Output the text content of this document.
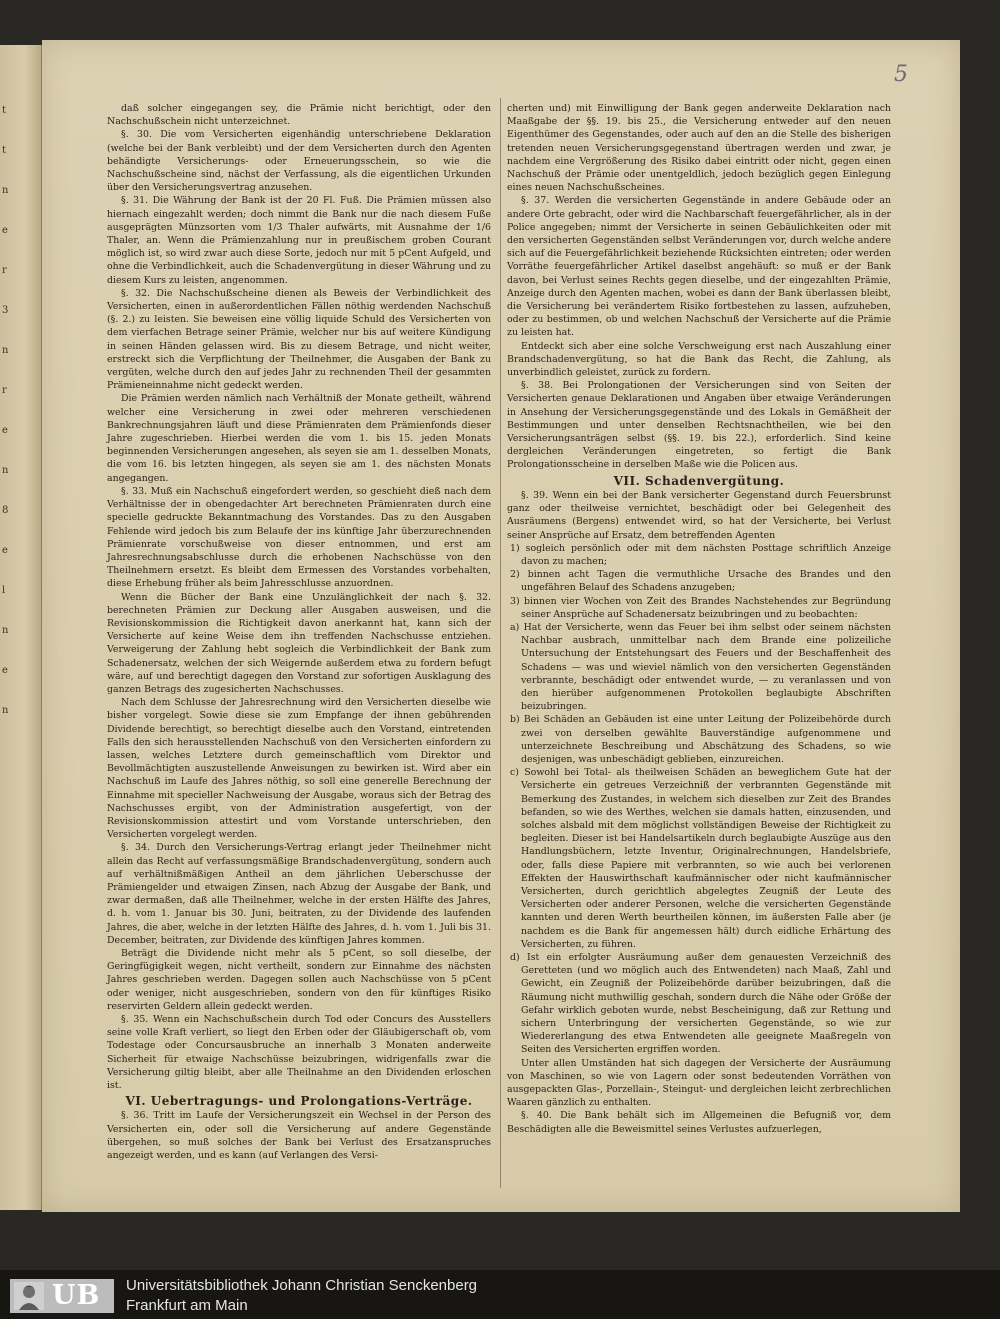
t
t
n
e
r
3
n
r
e
n
8
e
l
n
e
n
5

daß solcher eingegangen sey, die Prämie nicht berichtigt, oder den Nachschußschein nicht unterzeichnet.

§. 30. Die vom Versicherten eigenhändig unterschriebene Deklaration (welche bei der Bank verbleibt) und der dem Versicherten durch den Agenten behändigte Versicherungs- oder Erneuerungsschein, so wie die Nachschußscheine sind, nächst der Verfassung, als die eigentlichen Urkunden über den Versicherungsvertrag anzusehen.

§. 31. Die Währung der Bank ist der 20 Fl. Fuß. Die Prämien müssen also hiernach eingezahlt werden; doch nimmt die Bank nur die nach diesem Fuße ausgeprägten Münzsorten vom 1/3 Thaler aufwärts, mit Ausnahme der 1/6 Thaler, an. Wenn die Prämienzahlung nur in preußischem groben Courant möglich ist, so wird zwar auch diese Sorte, jedoch nur mit 5 pCent Aufgeld, und ohne die Verbindlichkeit, auch die Schadenvergütung in dieser Währung und zu diesem Kurs zu leisten, angenommen.

§. 32. Die Nachschußscheine dienen als Beweis der Verbindlichkeit des Versicherten, einen in außerordentlichen Fällen nöthig werdenden Nachschuß (§. 2.) zu leisten. Sie beweisen eine völlig liquide Schuld des Versicherten von dem vierfachen Betrage seiner Prämie, welcher nur bis auf weitere Kündigung in seinen Händen gelassen wird. Bis zu diesem Betrage, und nicht weiter, erstreckt sich die Verpflichtung der Theilnehmer, die Ausgaben der Bank zu vergüten, welche durch den auf jedes Jahr zu rechnenden Theil der gesammten Prämieneinnahme nicht gedeckt werden.

Die Prämien werden nämlich nach Verhältniß der Monate getheilt, während welcher eine Versicherung in zwei oder mehreren verschiedenen Bankrechnungsjahren läuft und diese Prämienraten dem Prämienfonds dieser Jahre zugeschrieben. Hierbei werden die vom 1. bis 15. jeden Monats beginnenden Versicherungen angesehen, als seyen sie am 1. desselben Monats, die vom 16. bis letzten hingegen, als seyen sie am 1. des nächsten Monats angegangen.

§. 33. Muß ein Nachschuß eingefordert werden, so geschieht dieß nach dem Verhältnisse der in obengedachter Art berechneten Prämienraten durch eine specielle gedruckte Bekanntmachung des Vorstandes. Das zu den Ausgaben Fehlende wird jedoch bis zum Belaufe der ins künftige Jahr überzurechnenden Prämienrate vorschußweise von dieser entnommen, und erst am Jahresrechnungsabschlusse durch die erhobenen Nachschüsse von den Theilnehmern ersetzt. Es bleibt dem Ermessen des Vorstandes vorbehalten, diese Erhebung früher als beim Jahresschlusse anzuordnen.

Wenn die Bücher der Bank eine Unzulänglichkeit der nach §. 32. berechneten Prämien zur Deckung aller Ausgaben ausweisen, und die Revisionskommission die Richtigkeit davon anerkannt hat, kann sich der Versicherte auf keine Weise dem ihn treffenden Nachschusse entziehen. Verweigerung der Zahlung hebt sogleich die Verbindlichkeit der Bank zum Schadenersatz, welchen der sich Weigernde außerdem etwa zu fordern befugt wäre, auf und berechtigt dagegen den Vorstand zur sofortigen Ausklagung des ganzen Betrags des zugesicherten Nachschusses.

Nach dem Schlusse der Jahresrechnung wird den Versicherten dieselbe wie bisher vorgelegt. Sowie diese sie zum Empfange der ihnen gebührenden Dividende berechtigt, so berechtigt dieselbe auch den Vorstand, eintretenden Falls den sich herausstellenden Nachschuß von den Versicherten einfordern zu lassen, welches Letztere durch gemeinschaftlich vom Direktor und Bevollmächtigten auszustellende Anweisungen zu bewirken ist. Wird aber ein Nachschuß im Laufe des Jahres nöthig, so soll eine generelle Berechnung der Einnahme mit specieller Nachweisung der Ausgabe, woraus sich der Betrag des Nachschusses ergibt, von der Administration ausgefertigt, von der Revisionskommission attestirt und vom Vorstande unterschrieben, den Versicherten vorgelegt werden.

§. 34. Durch den Versicherungs-Vertrag erlangt jeder Theilnehmer nicht allein das Recht auf verfassungsmäßige Brandschadenvergütung, sondern auch auf verhältnißmäßigen Antheil an dem jährlichen Ueberschusse der Prämiengelder und etwaigen Zinsen, nach Abzug der Ausgabe der Bank, und zwar dermaßen, daß alle Theilnehmer, welche in der ersten Hälfte des Jahres, d. h. vom 1. Januar bis 30. Juni, beitraten, zu der Dividende des laufenden Jahres, die aber, welche in der letzten Hälfte des Jahres, d. h. vom 1. Juli bis 31. December, beitraten, zur Dividende des künftigen Jahres kommen.

Beträgt die Dividende nicht mehr als 5 pCent, so soll dieselbe, der Geringfügigkeit wegen, nicht vertheilt, sondern zur Einnahme des nächsten Jahres geschrieben werden. Dagegen sollen auch Nachschüsse von 5 pCent oder weniger, nicht ausgeschrieben, sondern von den für künftiges Risiko reservirten Geldern allein gedeckt werden.

§. 35. Wenn ein Nachschußschein durch Tod oder Concurs des Ausstellers seine volle Kraft verliert, so liegt den Erben oder der Gläubigerschaft ob, vom Todestage oder Concursausbruche an innerhalb 3 Monaten anderweite Sicherheit für etwaige Nachschüsse beizubringen, widrigenfalls zwar die Versicherung giltig bleibt, aber alle Theilnahme an den Dividenden erloschen ist.

VI. Uebertragungs- und Prolongations-Verträge.

§. 36. Tritt im Laufe der Versicherungszeit ein Wechsel in der Person des Versicherten ein, oder soll die Versicherung auf andere Gegenstände übergehen, so muß solches der Bank bei Verlust des Ersatzanspruches angezeigt werden, und es kann (auf Verlangen des Versi-

cherten und) mit Einwilligung der Bank gegen anderweite Deklaration nach Maaßgabe der §§. 19. bis 25., die Versicherung entweder auf den neuen Eigenthümer des Gegenstandes, oder auch auf den an die Stelle des bisherigen tretenden neuen Versicherungsgegenstand übertragen werden und zwar, je nachdem eine Vergrößerung des Risiko dabei eintritt oder nicht, gegen einen Nachschuß der Prämie oder unentgeldlich, jedoch bezüglich gegen Einlegung eines neuen Nachschußscheines.

§. 37. Werden die versicherten Gegenstände in andere Gebäude oder an andere Orte gebracht, oder wird die Nachbarschaft feuergefährlicher, als in der Police angegeben; nimmt der Versicherte in seinen Gebäulichkeiten oder mit den versicherten Gegenständen selbst Veränderungen vor, durch welche andere sich auf die Feuergefährlichkeit beziehende Rücksichten eintreten; oder werden Vorräthe feuergefährlicher Artikel daselbst angehäuft: so muß er der Bank davon, bei Verlust seines Rechts gegen dieselbe, und der eingezahlten Prämie, Anzeige durch den Agenten machen, wobei es dann der Bank überlassen bleibt, die Versicherung bei verändertem Risiko fortbestehen zu lassen, aufzuheben, oder zu bestimmen, ob und welchen Nachschuß der Versicherte auf die Prämie zu leisten hat.

Entdeckt sich aber eine solche Verschweigung erst nach Auszahlung einer Brandschadenvergütung, so hat die Bank das Recht, die Zahlung, als unverbindlich geleistet, zurück zu fordern.

§. 38. Bei Prolongationen der Versicherungen sind von Seiten der Versicherten genaue Deklarationen und Angaben über etwaige Veränderungen in Ansehung der Versicherungsgegenstände und des Lokals in Gemäßheit der Bestimmungen und unter denselben Rechtsnachtheilen, wie bei den Versicherungsanträgen selbst (§§. 19. bis 22.), erforderlich. Sind keine dergleichen Veränderungen eingetreten, so fertigt die Bank Prolongationsscheine in derselben Maße wie die Policen aus.

VII. Schadenvergütung.

§. 39. Wenn ein bei der Bank versicherter Gegenstand durch Feuersbrunst ganz oder theilweise vernichtet, beschädigt oder bei Gelegenheit des Ausräumens (Bergens) entwendet wird, so hat der Versicherte, bei Verlust seiner Ansprüche auf Ersatz, dem betreffenden Agenten

1) sogleich persönlich oder mit dem nächsten Posttage schriftlich Anzeige davon zu machen;

2) binnen acht Tagen die vermuthliche Ursache des Brandes und den ungefähren Belauf des Schadens anzugeben;

3) binnen vier Wochen von Zeit des Brandes Nachstehendes zur Begründung seiner Ansprüche auf Schadenersatz beizubringen und zu beobachten:

a) Hat der Versicherte, wenn das Feuer bei ihm selbst oder seinem nächsten Nachbar ausbrach, unmittelbar nach dem Brande eine polizeiliche Untersuchung der Entstehungsart des Feuers und der Beschaffenheit des Schadens — was und wieviel nämlich von den versicherten Gegenständen verbrannte, beschädigt oder entwendet wurde, — zu veranlassen und von den hierüber aufgenommenen Protokollen beglaubigte Abschriften beizubringen.

b) Bei Schäden an Gebäuden ist eine unter Leitung der Polizeibehörde durch zwei von derselben gewählte Bauverständige aufgenommene und unterzeichnete Beschreibung und Abschätzung des Schadens, so wie desjenigen, was unbeschädigt geblieben, einzureichen.

c) Sowohl bei Total- als theilweisen Schäden an beweglichem Gute hat der Versicherte ein getreues Verzeichniß der verbrannten Gegenstände mit Bemerkung des Zustandes, in welchem sich dieselben zur Zeit des Brandes befanden, so wie des Werthes, welchen sie damals hatten, einzusenden, und solches alsbald mit dem möglichst vollständigen Beweise der Richtigkeit zu begleiten. Dieser ist bei Handelsartikeln durch beglaubigte Auszüge aus den Handlungsbüchern, letzte Inventur, Originalrechnungen, Handelsbriefe, oder, falls diese Papiere mit verbrannten, so wie auch bei verlorenen Effekten der Hauswirthschaft kaufmännischer oder nicht kaufmännischer Versicherten, durch gerichtlich abgelegtes Zeugniß der Leute des Versicherten oder anderer Personen, welche die versicherten Gegenstände kannten und deren Werth beurtheilen können, im äußersten Falle aber (je nachdem es die Bank für angemessen hält) durch eidliche Erhärtung des Versicherten, zu führen.

d) Ist ein erfolgter Ausräumung außer dem genauesten Verzeichniß des Geretteten (und wo möglich auch des Entwendeten) nach Maaß, Zahl und Gewicht, ein Zeugniß der Polizeibehörde darüber beizubringen, daß die Räumung nicht muthwillig geschah, sondern durch die Nähe oder Größe der Gefahr wirklich geboten wurde, nebst Bescheinigung, daß zur Rettung und sichern Unterbringung der versicherten Gegenstände, so wie zur Wiedererlangung des etwa Entwendeten alle geeignete Maaßregeln von Seiten des Versicherten ergriffen worden.

Unter allen Umständen hat sich dagegen der Versicherte der Ausräumung von Maschinen, so wie von Lagern oder sonst bedeutenden Vorräthen von ausgepackten Glas-, Porzellain-, Steingut- und dergleichen leicht zerbrechlichen Waaren gänzlich zu enthalten.

§. 40. Die Bank behält sich im Allgemeinen die Befugniß vor, dem Beschädigten alle die Beweismittel seines Verlustes aufzuerlegen,

UB Universitätsbibliothek Johann Christian Senckenberg
Frankfurt am Main
